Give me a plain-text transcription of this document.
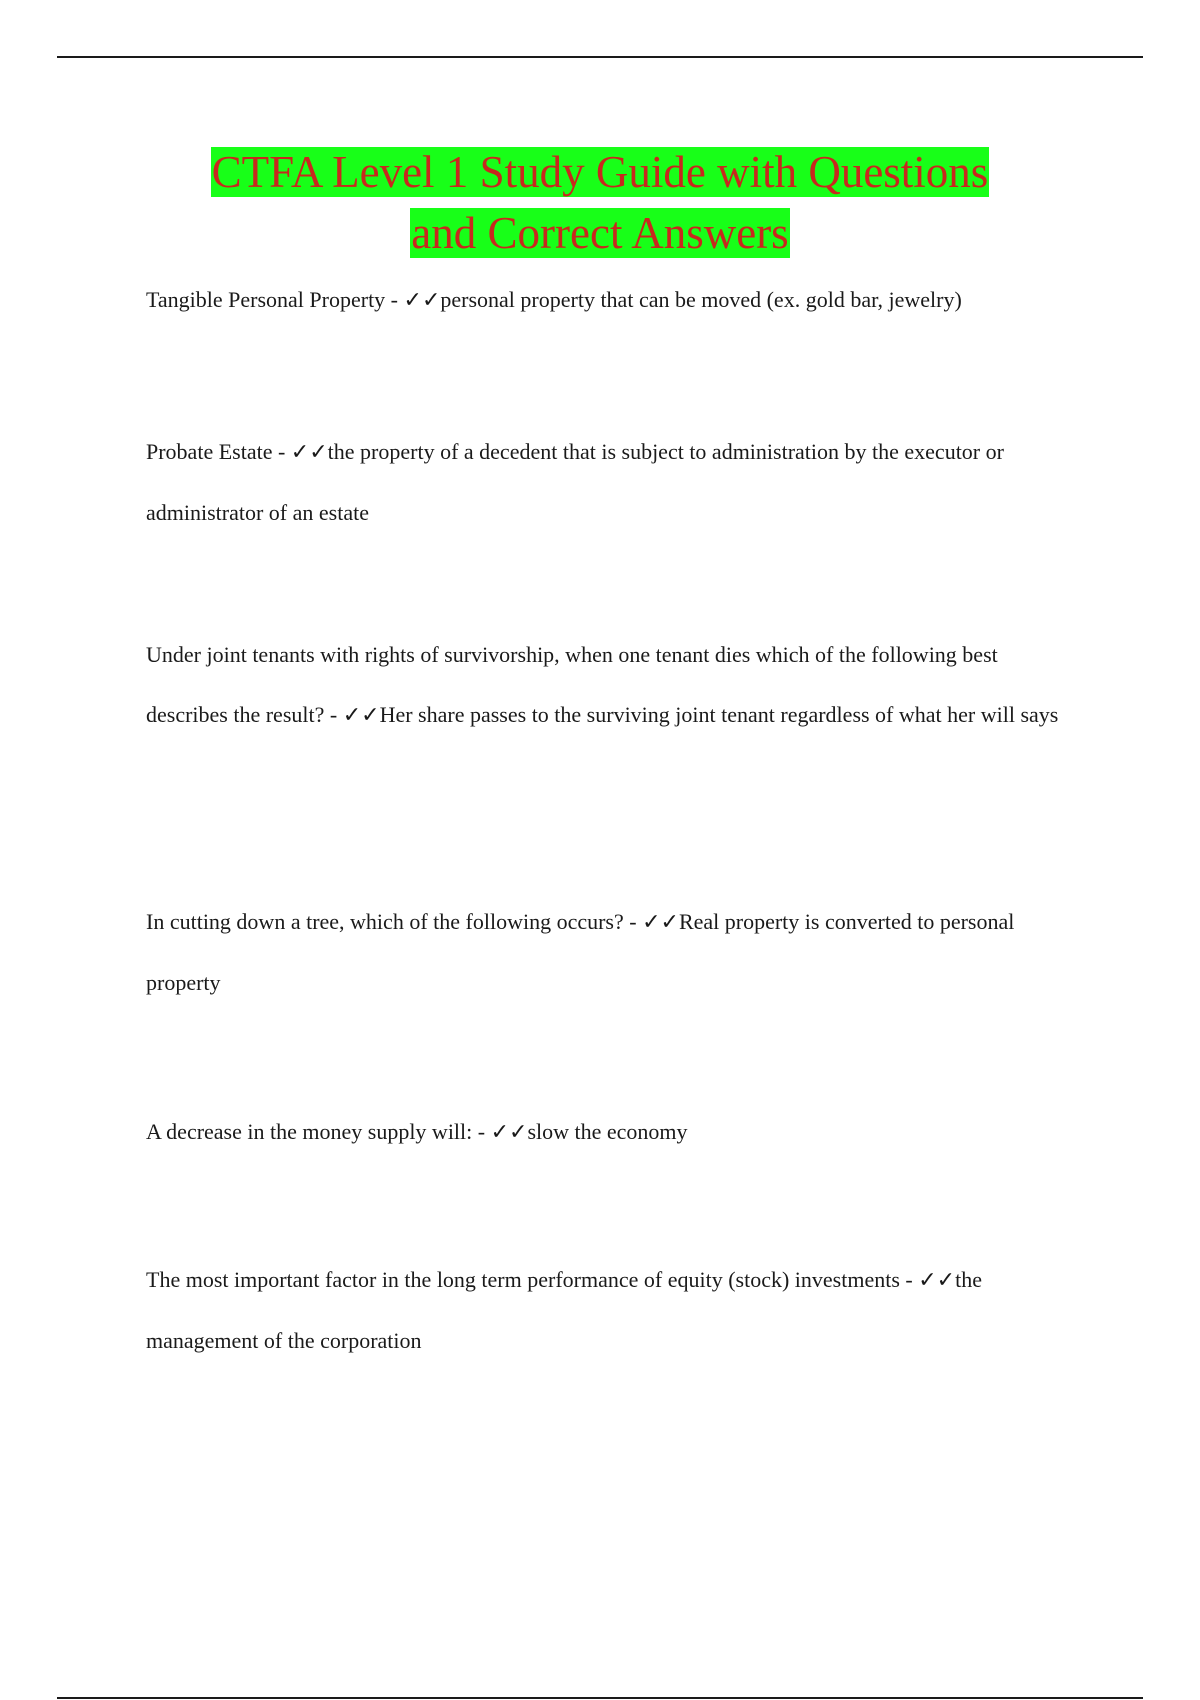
CTFA Level 1 Study Guide with Questions
and Correct Answers

Tangible Personal Property - ✓✓personal property that can be moved (ex. gold bar, jewelry)

Probate Estate - ✓✓the property of a decedent that is subject to administration by the executor or administrator of an estate

Under joint tenants with rights of survivorship, when one tenant dies which of the following best describes the result? - ✓✓Her share passes to the surviving joint tenant regardless of what her will says

In cutting down a tree, which of the following occurs? - ✓✓Real property is converted to personal property

A decrease in the money supply will: - ✓✓slow the economy

The most important factor in the long term performance of equity (stock) investments - ✓✓the management of the corporation
